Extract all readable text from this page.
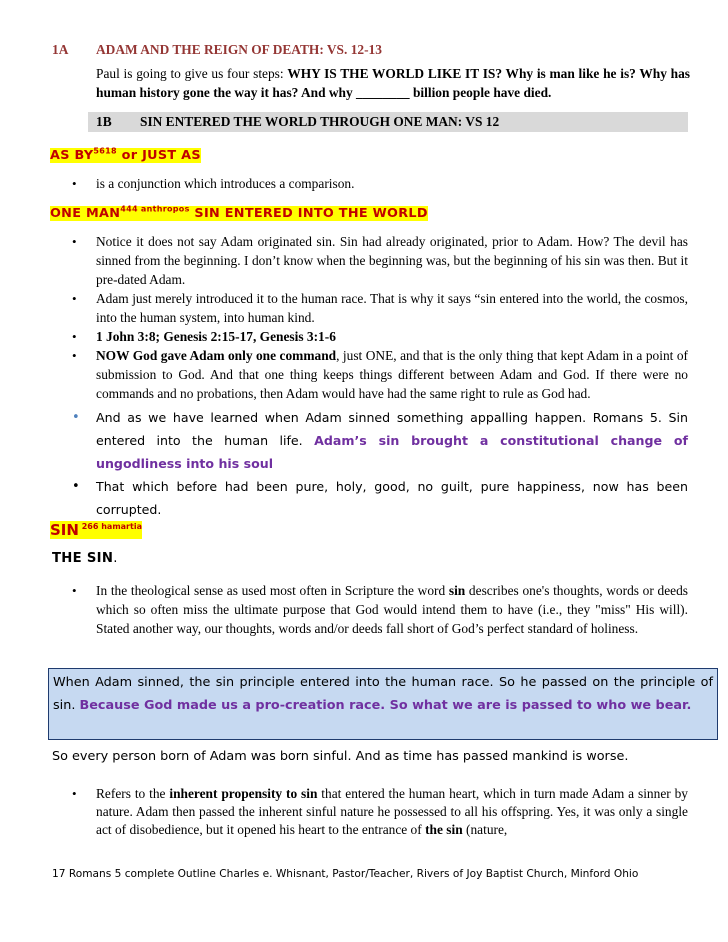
1A ADAM AND THE REIGN OF DEATH: VS. 12-13
Paul is going to give us four steps: WHY IS THE WORLD LIKE IT IS? Why is man like he is? Why has human history gone the way it has? And why ________ billion people have died.
1B SIN ENTERED THE WORLD THROUGH ONE MAN: VS 12
AS $BY^{5618}$ or JUST AS
• is a conjunction which introduces a comparison.
ONE $MAN^{444 anthropos}$ SIN ENTERED INTO THE WORLD
• Notice it does not say Adam originated sin. Sin had already originated, prior to Adam. How? The devil has sinned from the beginning. I don’t know when the beginning was, but the beginning of his sin was then. But it pre-dated Adam.
• Adam just merely introduced it to the human race. That is why it says “sin entered into the world, the cosmos, into the human system, into human kind.
• 1 John 3:8; Genesis 2:15-17, Genesis 3:1-6
• NOW God gave Adam only one command, just ONE, and that is the only thing that kept Adam in a point of submission to God. And that one thing keeps things different between Adam and God. If there were no commands and no probations, then Adam would have had the same right to rule as God had.
• And as we have learned when Adam sinned something appalling happen. Romans 5. Sin entered into the human life. Adam’s sin brought a constitutional change of ungodliness into his soul
• That which before had been pure, holy, good, no guilt, pure happiness, now has been corrupted.
SIN $^{266 hamartia}$
THE SIN.
• In the theological sense as used most often in Scripture the word sin describes one's thoughts, words or deeds which so often miss the ultimate purpose that God would intend them to have (i.e., they "miss" His will). Stated another way, our thoughts, words and/or deeds fall short of God’s perfect standard of holiness.
When Adam sinned, the sin principle entered into the human race. So he passed on the principle of sin. Because God made us a pro-creation race. So what we are is passed to who we bear.
So every person born of Adam was born sinful. And as time has passed mankind is worse.
• Refers to the inherent propensity to sin that entered the human heart, which in turn made Adam a sinner by nature. Adam then passed the inherent sinful nature he possessed to all his offspring. Yes, it was only a single act of disobedience, but it opened his heart to the entrance of the sin (nature,
17 Romans 5 complete Outline Charles e. Whisnant, Pastor/Teacher, Rivers of Joy Baptist Church, Minford Ohio
